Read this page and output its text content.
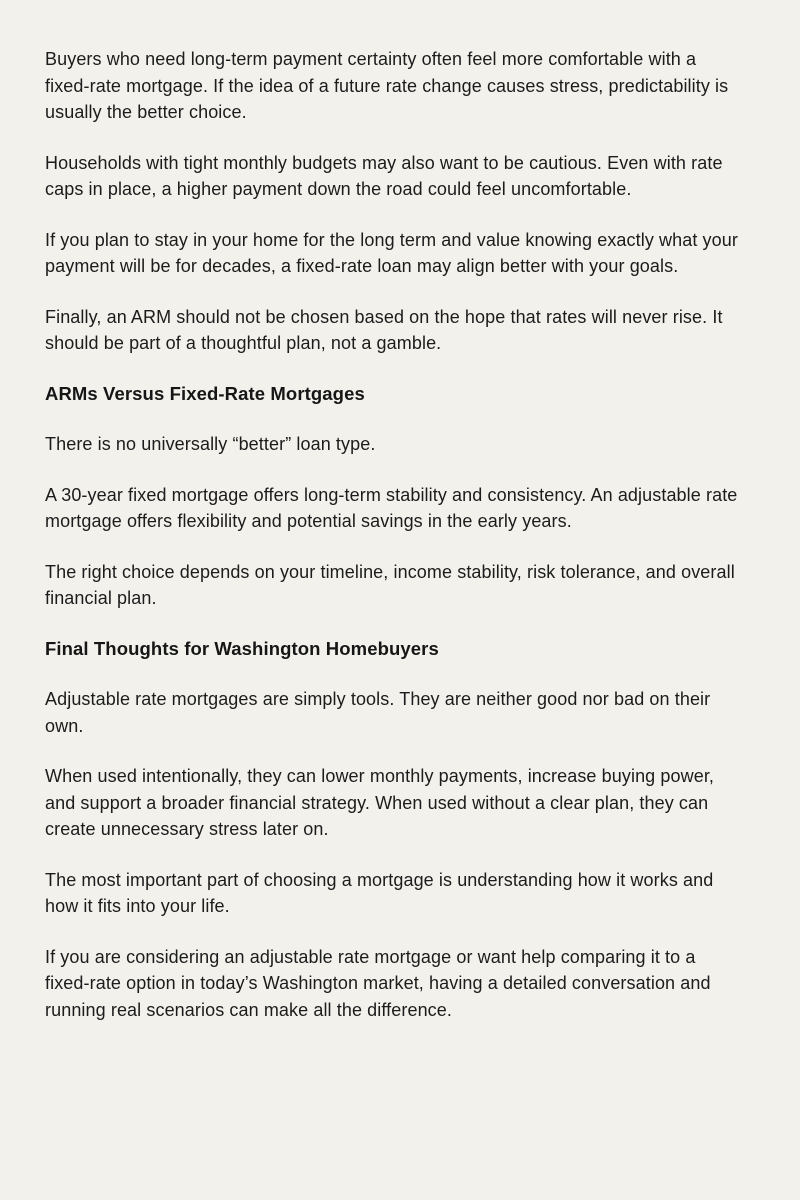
Buyers who need long-term payment certainty often feel more comfortable with a fixed-rate mortgage. If the idea of a future rate change causes stress, predictability is usually the better choice.

Households with tight monthly budgets may also want to be cautious. Even with rate caps in place, a higher payment down the road could feel uncomfortable.

If you plan to stay in your home for the long term and value knowing exactly what your payment will be for decades, a fixed-rate loan may align better with your goals.

Finally, an ARM should not be chosen based on the hope that rates will never rise. It should be part of a thoughtful plan, not a gamble.

ARMs Versus Fixed-Rate Mortgages

There is no universally “better” loan type.

A 30-year fixed mortgage offers long-term stability and consistency. An adjustable rate mortgage offers flexibility and potential savings in the early years.

The right choice depends on your timeline, income stability, risk tolerance, and overall financial plan.

Final Thoughts for Washington Homebuyers

Adjustable rate mortgages are simply tools. They are neither good nor bad on their own.

When used intentionally, they can lower monthly payments, increase buying power, and support a broader financial strategy. When used without a clear plan, they can create unnecessary stress later on.

The most important part of choosing a mortgage is understanding how it works and how it fits into your life.

If you are considering an adjustable rate mortgage or want help comparing it to a fixed-rate option in today’s Washington market, having a detailed conversation and running real scenarios can make all the difference.
